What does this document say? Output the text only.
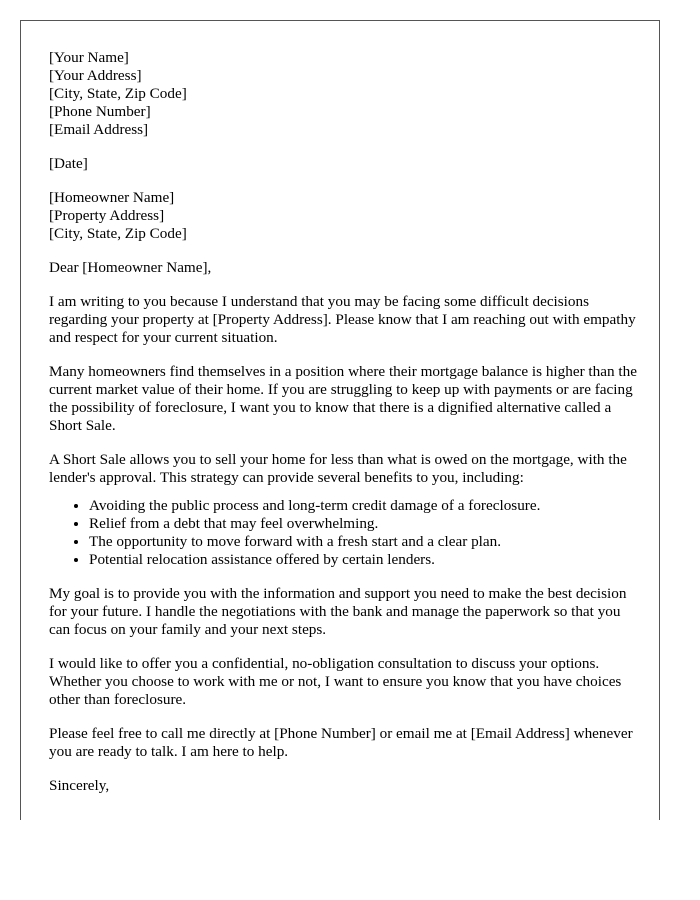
[Your Name]
[Your Address]
[City, State, Zip Code]
[Phone Number]
[Email Address]
[Date]
[Homeowner Name]
[Property Address]
[City, State, Zip Code]

Dear [Homeowner Name],

I am writing to you because I understand that you may be facing some difficult decisions regarding your property at [Property Address]. Please know that I am reaching out with empathy and respect for your current situation.

Many homeowners find themselves in a position where their mortgage balance is higher than the current market value of their home. If you are struggling to keep up with payments or are facing the possibility of foreclosure, I want you to know that there is a dignified alternative called a Short Sale.

A Short Sale allows you to sell your home for less than what is owed on the mortgage, with the lender's approval. This strategy can provide several benefits to you, including:

• Avoiding the public process and long-term credit damage of a foreclosure.
• Relief from a debt that may feel overwhelming.
• The opportunity to move forward with a fresh start and a clear plan.
• Potential relocation assistance offered by certain lenders.

My goal is to provide you with the information and support you need to make the best decision for your future. I handle the negotiations with the bank and manage the paperwork so that you can focus on your family and your next steps.

I would like to offer you a confidential, no-obligation consultation to discuss your options. Whether you choose to work with me or not, I want to ensure you know that you have choices other than foreclosure.

Please feel free to call me directly at [Phone Number] or email me at [Email Address] whenever you are ready to talk. I am here to help.

Sincerely,
